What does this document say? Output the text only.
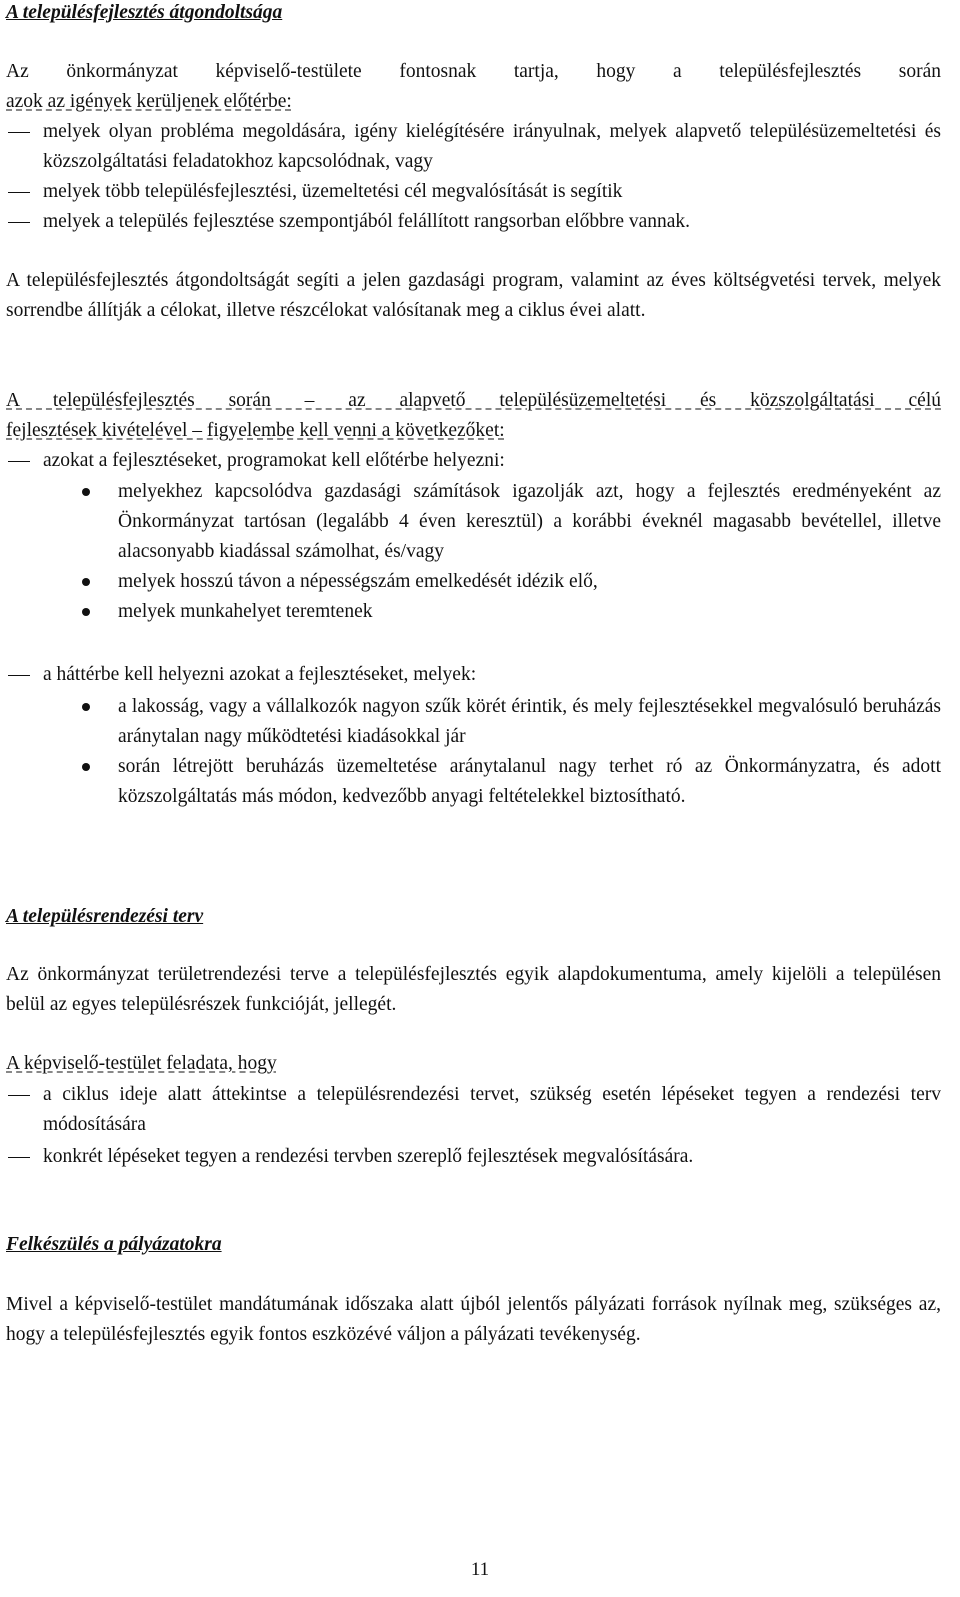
A településfejlesztés átgondoltsága

Az önkormányzat képviselő-testülete fontosnak tartja, hogy a településfejlesztés során
azok az igények kerüljenek előtérbe:
melyek olyan probléma megoldására, igény kielégítésére irányulnak, melyek alapvető településüzemeltetési és közszolgáltatási feladatokhoz kapcsolódnak, vagy
melyek több településfejlesztési, üzemeltetési cél megvalósítását is segítik
melyek a település fejlesztése szempontjából felállított rangsorban előbbre vannak.

A településfejlesztés átgondoltságát segíti a jelen gazdasági program, valamint az éves költségvetési tervek, melyek sorrendbe állítják a célokat, illetve részcélokat valósítanak meg a ciklus évei alatt.

A településfejlesztés során – az alapvető településüzemeltetési és közszolgáltatási célú
fejlesztések kivételével – figyelembe kell venni a következőket:
azokat a fejlesztéseket, programokat kell előtérbe helyezni:
melyekhez kapcsolódva gazdasági számítások igazolják azt, hogy a fejlesztés eredményeként az Önkormányzat tartósan (legalább 4 éven keresztül) a korábbi éveknél magasabb bevétellel, illetve alacsonyabb kiadással számolhat, és/vagy
melyek hosszú távon a népességszám emelkedését idézik elő,
melyek munkahelyet teremtenek
a háttérbe kell helyezni azokat a fejlesztéseket, melyek:
a lakosság, vagy a vállalkozók nagyon szűk körét érintik, és mely fejlesztésekkel megvalósuló beruházás aránytalan nagy működtetési kiadásokkal jár
során létrejött beruházás üzemeltetése aránytalanul nagy terhet ró az Önkormányzatra, és adott közszolgáltatás más módon, kedvezőbb anyagi feltételekkel biztosítható.

A településrendezési terv

Az önkormányzat területrendezési terve a településfejlesztés egyik alapdokumentuma, amely kijelöli a településen belül az egyes településrészek funkcióját, jellegét.

A képviselő-testület feladata, hogy

a ciklus ideje alatt áttekintse a településrendezési tervet, szükség esetén lépéseket tegyen a rendezési terv módosítására
konkrét lépéseket tegyen a rendezési tervben szereplő fejlesztések megvalósítására.

Felkészülés a pályázatokra

Mivel a képviselő-testület mandátumának időszaka alatt újból jelentős pályázati források nyílnak meg, szükséges az, hogy a településfejlesztés egyik fontos eszközévé váljon a pályázati tevékenység.

11
